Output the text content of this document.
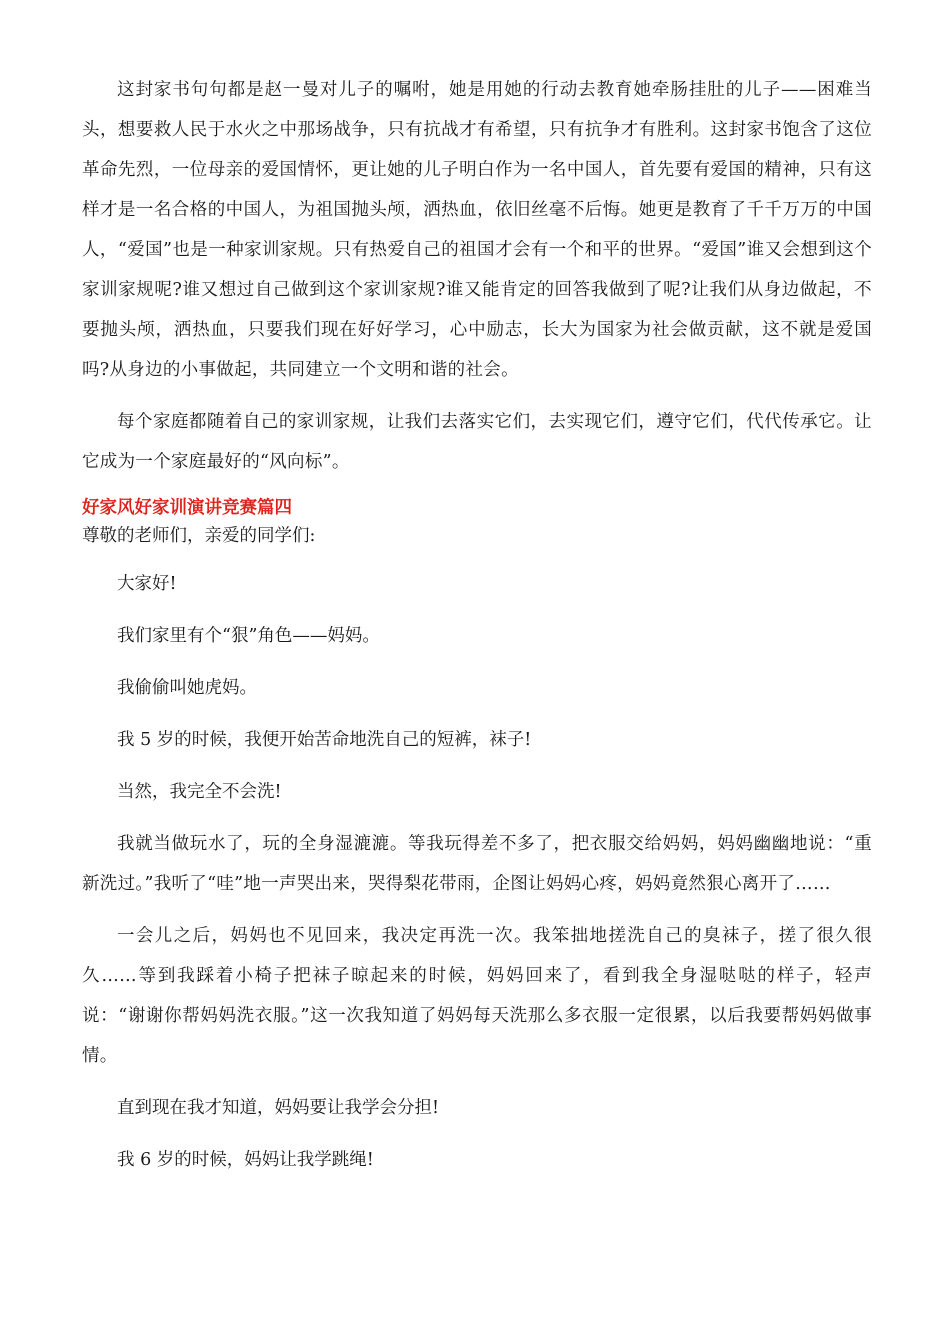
这封家书句句都是赵一曼对儿子的嘱咐，她是用她的行动去教育她牵肠挂肚的儿子——困难当头，想要救人民于水火之中那场战争，只有抗战才有希望，只有抗争才有胜利。这封家书饱含了这位革命先烈，一位母亲的爱国情怀，更让她的儿子明白作为一名中国人，首先要有爱国的精神，只有这样才是一名合格的中国人，为祖国抛头颅，洒热血，依旧丝毫不后悔。她更是教育了千千万万的中国人，“爱国”也是一种家训家规。只有热爱自己的祖国才会有一个和平的世界。“爱国”谁又会想到这个家训家规呢?谁又想过自己做到这个家训家规?谁又能肯定的回答我做到了呢?让我们从身边做起，不要抛头颅，洒热血，只要我们现在好好学习，心中励志，长大为国家为社会做贡献，这不就是爱国吗?从身边的小事做起，共同建立一个文明和谐的社会。

每个家庭都随着自己的家训家规，让我们去落实它们，去实现它们，遵守它们，代代传承它。让它成为一个家庭最好的“风向标”。

好家风好家训演讲竞赛篇四
尊敬的老师们，亲爱的同学们:

大家好!

我们家里有个“狠”角色——妈妈。

我偷偷叫她虎妈。

我 5 岁的时候，我便开始苦命地洗自己的短裤，袜子!

当然，我完全不会洗!

我就当做玩水了，玩的全身湿漉漉。等我玩得差不多了，把衣服交给妈妈，妈妈幽幽地说：“重新洗过。”我听了“哇”地一声哭出来，哭得梨花带雨，企图让妈妈心疼，妈妈竟然狠心离开了……

一会儿之后，妈妈也不见回来，我决定再洗一次。我笨拙地搓洗自己的臭袜子，搓了很久很久……等到我踩着小椅子把袜子晾起来的时候，妈妈回来了，看到我全身湿哒哒的样子，轻声说：“谢谢你帮妈妈洗衣服。”这一次我知道了妈妈每天洗那么多衣服一定很累，以后我要帮妈妈做事情。

直到现在我才知道，妈妈要让我学会分担!

我 6 岁的时候，妈妈让我学跳绳!
